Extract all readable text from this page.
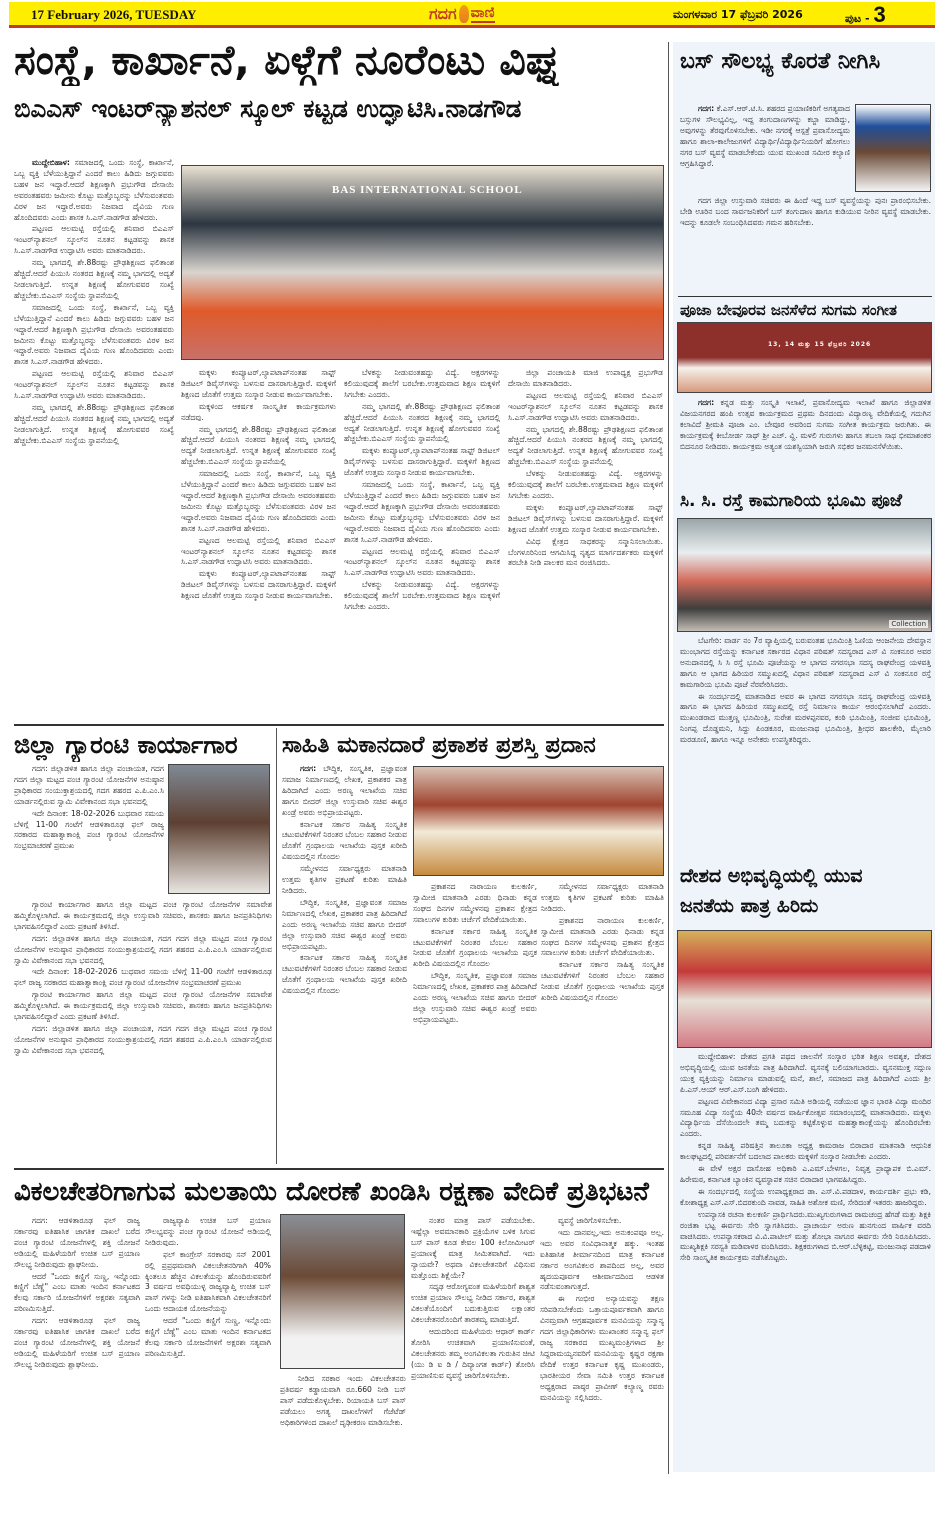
17 February 2026, TUESDAY	ಗದಗ ವಾಣಿ	ಮಂಗಳವಾರ 17 ಫೆಬ್ರವರಿ 2026	ಪುಟ - 3
ಸಂಸ್ಥೆ, ಕಾರ್ಖಾನೆ, ಏಳ್ಗೆಗೆ ನೂರೆಂಟು ವಿಘ್ನ
ಬಿಎಎಸ್ ಇಂಟರ್‌ನ್ಯಾಶನಲ್ ಸ್ಕೂಲ್ ಕಟ್ಟಡ ಉದ್ಘಾಟಿಸಿ.ನಾಡಗೌಡ

ಮುದ್ದೇಬಿಹಾಳ: ಸಮಾಜದಲ್ಲಿ ಒಂದು ಸಂಸ್ಥೆ, ಕಾರ್ಖಾನೆ, ಒಬ್ಬ ವ್ಯಕ್ತಿ ಬೆಳೆಯುತ್ತಿದ್ದಾನೆ ಎಂದರೆ ಕಾಲು ಹಿಡಿದು ಜಗ್ಗುವವರು ಬಹಳ ಜನ ಇದ್ದಾರೆ.ಆದರೆ ಶಿಕ್ಷಣಕ್ಕಾಗಿ ಪ್ರಭುಗೌಡ ದೇಸಾಯಿ ಅವರಂತಹವರು ಜಮೀನು ಕೊಟ್ಟು ಮತ್ತೊಬ್ಬರನ್ನು ಬೆಳೆಸುವಂತವರು ವಿರಳ ಜನ ಇದ್ದಾರೆ.ಅವರು ನಿಜವಾದ ದೈವಿಯ ಗುಣ ಹೊಂದಿದವರು ಎಂದು ಶಾಸಕ ಸಿ.ಎಸ್.ನಾಡಗೌಡ ಹೇಳಿದರು.

ಪಟ್ಟಣದ ಆಲಮಟ್ಟಿ ರಸ್ತೆಯಲ್ಲಿ ಶನಿವಾರ ಬಿಎಎಸ್ ಇಂಟರ್‌ನ್ಯಾಶನಲ್ ಸ್ಕೂಲ್‌ನ ನೂತನ ಕಟ್ಟಡವನ್ನು ಶಾಸಕ ಸಿ.ಎಸ್.ನಾಡಗೌಡ ಉದ್ಘಾಟಿಸಿ ಅವರು ಮಾತನಾಡಿದರು.

ನಮ್ಮ ಭಾಗದಲ್ಲಿ ಶೇ.88ರಷ್ಟು ಪ್ರೌಢಶಿಕ್ಷಣದ ಫಲಿತಾಂಶ ಹೆಚ್ಚಿದೆ.ಆದರೆ ಪಿಯುಸಿ ನಂತರದ ಶಿಕ್ಷಣಕ್ಕೆ ನಮ್ಮ ಭಾಗದಲ್ಲಿ ಅದ್ಯತೆ ನೀಡಲಾಗುತ್ತಿದೆ. ಉನ್ನತ ಶಿಕ್ಷಣಕ್ಕೆ ಹೋಗುವವರ ಸಂಖ್ಯೆ ಹೆಚ್ಚಬೇಕು.ಬಿಎಎಸ್ ಸಂಸ್ಥೆಯ ಸ್ಥಾಪನೆಯಲ್ಲಿ

ಸಮಾಜದಲ್ಲಿ ಒಂದು ಸಂಸ್ಥೆ, ಕಾರ್ಖಾನೆ, ಒಬ್ಬ ವ್ಯಕ್ತಿ ಬೆಳೆಯುತ್ತಿದ್ದಾನೆ ಎಂದರೆ ಕಾಲು ಹಿಡಿದು ಜಗ್ಗುವವರು ಬಹಳ ಜನ ಇದ್ದಾರೆ.ಆದರೆ ಶಿಕ್ಷಣಕ್ಕಾಗಿ ಪ್ರಭುಗೌಡ ದೇಸಾಯಿ ಅವರಂತಹವರು ಜಮೀನು ಕೊಟ್ಟು ಮತ್ತೊಬ್ಬರನ್ನು ಬೆಳೆಸುವಂತವರು ವಿರಳ ಜನ ಇದ್ದಾರೆ.ಅವರು ನಿಜವಾದ ದೈವಿಯ ಗುಣ ಹೊಂದಿದವರು ಎಂದು ಶಾಸಕ ಸಿ.ಎಸ್.ನಾಡಗೌಡ ಹೇಳಿದರು.

ಪಟ್ಟಣದ ಆಲಮಟ್ಟಿ ರಸ್ತೆಯಲ್ಲಿ ಶನಿವಾರ ಬಿಎಎಸ್ ಇಂಟರ್‌ನ್ಯಾಶನಲ್ ಸ್ಕೂಲ್‌ನ ನೂತನ ಕಟ್ಟಡವನ್ನು ಶಾಸಕ ಸಿ.ಎಸ್.ನಾಡಗೌಡ ಉದ್ಘಾಟಿಸಿ ಅವರು ಮಾತನಾಡಿದರು.

ನಮ್ಮ ಭಾಗದಲ್ಲಿ ಶೇ.88ರಷ್ಟು ಪ್ರೌಢಶಿಕ್ಷಣದ ಫಲಿತಾಂಶ ಹೆಚ್ಚಿದೆ.ಆದರೆ ಪಿಯುಸಿ ನಂತರದ ಶಿಕ್ಷಣಕ್ಕೆ ನಮ್ಮ ಭಾಗದಲ್ಲಿ ಅದ್ಯತೆ ನೀಡಲಾಗುತ್ತಿದೆ. ಉನ್ನತ ಶಿಕ್ಷಣಕ್ಕೆ ಹೋಗುವವರ ಸಂಖ್ಯೆ ಹೆಚ್ಚಬೇಕು.ಬಿಎಎಸ್ ಸಂಸ್ಥೆಯ ಸ್ಥಾಪನೆಯಲ್ಲಿ

BAS INTERNATIONAL SCHOOL

ಮಕ್ಕಳು ಕಂಪ್ಯೂಟರ್,ಲ್ಯಾಪಟಾಪ್‌ನಂತಹ ಸಾಫ್ಟ್ ಡಿಜಿಟಲ್ ಡಿವೈಸ್‌ಗಳನ್ನು ಬಳಸುವ ದಾಸರಾಗುತ್ತಿದ್ದಾರೆ. ಮಕ್ಕಳಿಗೆ ಶಿಕ್ಷಣದ ಜೊತೆಗೆ ಉತ್ತಮ ಸಂಸ್ಕಾರ ನೀಡುವ ಕಾರ್ಯವಾಗಬೇಕು.

ಮಕ್ಕಳಿಂದ ಆಕರ್ಷಕ ಸಾಂಸ್ಕೃತಿಕ ಕಾರ್ಯಕ್ರಮಗಳು ನಡೆದವು.

ನಮ್ಮ ಭಾಗದಲ್ಲಿ ಶೇ.88ರಷ್ಟು ಪ್ರೌಢಶಿಕ್ಷಣದ ಫಲಿತಾಂಶ ಹೆಚ್ಚಿದೆ.ಆದರೆ ಪಿಯುಸಿ ನಂತರದ ಶಿಕ್ಷಣಕ್ಕೆ ನಮ್ಮ ಭಾಗದಲ್ಲಿ ಅದ್ಯತೆ ನೀಡಲಾಗುತ್ತಿದೆ. ಉನ್ನತ ಶಿಕ್ಷಣಕ್ಕೆ ಹೋಗುವವರ ಸಂಖ್ಯೆ ಹೆಚ್ಚಬೇಕು.ಬಿಎಎಸ್ ಸಂಸ್ಥೆಯ ಸ್ಥಾಪನೆಯಲ್ಲಿ

ಸಮಾಜದಲ್ಲಿ ಒಂದು ಸಂಸ್ಥೆ, ಕಾರ್ಖಾನೆ, ಒಬ್ಬ ವ್ಯಕ್ತಿ ಬೆಳೆಯುತ್ತಿದ್ದಾನೆ ಎಂದರೆ ಕಾಲು ಹಿಡಿದು ಜಗ್ಗುವವರು ಬಹಳ ಜನ ಇದ್ದಾರೆ.ಆದರೆ ಶಿಕ್ಷಣಕ್ಕಾಗಿ ಪ್ರಭುಗೌಡ ದೇಸಾಯಿ ಅವರಂತಹವರು ಜಮೀನು ಕೊಟ್ಟು ಮತ್ತೊಬ್ಬರನ್ನು ಬೆಳೆಸುವಂತವರು ವಿರಳ ಜನ ಇದ್ದಾರೆ.ಅವರು ನಿಜವಾದ ದೈವಿಯ ಗುಣ ಹೊಂದಿದವರು ಎಂದು ಶಾಸಕ ಸಿ.ಎಸ್.ನಾಡಗೌಡ ಹೇಳಿದರು.

ಪಟ್ಟಣದ ಆಲಮಟ್ಟಿ ರಸ್ತೆಯಲ್ಲಿ ಶನಿವಾರ ಬಿಎಎಸ್ ಇಂಟರ್‌ನ್ಯಾಶನಲ್ ಸ್ಕೂಲ್‌ನ ನೂತನ ಕಟ್ಟಡವನ್ನು ಶಾಸಕ ಸಿ.ಎಸ್.ನಾಡಗೌಡ ಉದ್ಘಾಟಿಸಿ ಅವರು ಮಾತನಾಡಿದರು.

ಮಕ್ಕಳು ಕಂಪ್ಯೂಟರ್,ಲ್ಯಾಪಟಾಪ್‌ನಂತಹ ಸಾಫ್ಟ್ ಡಿಜಿಟಲ್ ಡಿವೈಸ್‌ಗಳನ್ನು ಬಳಸುವ ದಾಸರಾಗುತ್ತಿದ್ದಾರೆ. ಮಕ್ಕಳಿಗೆ ಶಿಕ್ಷಣದ ಜೊತೆಗೆ ಉತ್ತಮ ಸಂಸ್ಕಾರ ನೀಡುವ ಕಾರ್ಯವಾಗಬೇಕು.

ಬೆಳಕನ್ನು ನೀಡುವಂತಹದ್ದು ವಿದ್ಯೆ. ಅಕ್ಷರಗಳನ್ನು ಕಲಿಯುವುದಕ್ಕೆ ಶಾಲೆಗೆ ಬರಬೇಕು.ಉತ್ತಮವಾದ ಶಿಕ್ಷಣ ಮಕ್ಕಳಿಗೆ ಸಿಗಬೇಕು ಎಂದರು.

ನಮ್ಮ ಭಾಗದಲ್ಲಿ ಶೇ.88ರಷ್ಟು ಪ್ರೌಢಶಿಕ್ಷಣದ ಫಲಿತಾಂಶ ಹೆಚ್ಚಿದೆ.ಆದರೆ ಪಿಯುಸಿ ನಂತರದ ಶಿಕ್ಷಣಕ್ಕೆ ನಮ್ಮ ಭಾಗದಲ್ಲಿ ಅದ್ಯತೆ ನೀಡಲಾಗುತ್ತಿದೆ. ಉನ್ನತ ಶಿಕ್ಷಣಕ್ಕೆ ಹೋಗುವವರ ಸಂಖ್ಯೆ ಹೆಚ್ಚಬೇಕು.ಬಿಎಎಸ್ ಸಂಸ್ಥೆಯ ಸ್ಥಾಪನೆಯಲ್ಲಿ

ಮಕ್ಕಳು ಕಂಪ್ಯೂಟರ್,ಲ್ಯಾಪಟಾಪ್‌ನಂತಹ ಸಾಫ್ಟ್ ಡಿಜಿಟಲ್ ಡಿವೈಸ್‌ಗಳನ್ನು ಬಳಸುವ ದಾಸರಾಗುತ್ತಿದ್ದಾರೆ. ಮಕ್ಕಳಿಗೆ ಶಿಕ್ಷಣದ ಜೊತೆಗೆ ಉತ್ತಮ ಸಂಸ್ಕಾರ ನೀಡುವ ಕಾರ್ಯವಾಗಬೇಕು.

ಸಮಾಜದಲ್ಲಿ ಒಂದು ಸಂಸ್ಥೆ, ಕಾರ್ಖಾನೆ, ಒಬ್ಬ ವ್ಯಕ್ತಿ ಬೆಳೆಯುತ್ತಿದ್ದಾನೆ ಎಂದರೆ ಕಾಲು ಹಿಡಿದು ಜಗ್ಗುವವರು ಬಹಳ ಜನ ಇದ್ದಾರೆ.ಆದರೆ ಶಿಕ್ಷಣಕ್ಕಾಗಿ ಪ್ರಭುಗೌಡ ದೇಸಾಯಿ ಅವರಂತಹವರು ಜಮೀನು ಕೊಟ್ಟು ಮತ್ತೊಬ್ಬರನ್ನು ಬೆಳೆಸುವಂತವರು ವಿರಳ ಜನ ಇದ್ದಾರೆ.ಅವರು ನಿಜವಾದ ದೈವಿಯ ಗುಣ ಹೊಂದಿದವರು ಎಂದು ಶಾಸಕ ಸಿ.ಎಸ್.ನಾಡಗೌಡ ಹೇಳಿದರು.

ಪಟ್ಟಣದ ಆಲಮಟ್ಟಿ ರಸ್ತೆಯಲ್ಲಿ ಶನಿವಾರ ಬಿಎಎಸ್ ಇಂಟರ್‌ನ್ಯಾಶನಲ್ ಸ್ಕೂಲ್‌ನ ನೂತನ ಕಟ್ಟಡವನ್ನು ಶಾಸಕ ಸಿ.ಎಸ್.ನಾಡಗೌಡ ಉದ್ಘಾಟಿಸಿ ಅವರು ಮಾತನಾಡಿದರು.

ಬೆಳಕನ್ನು ನೀಡುವಂತಹದ್ದು ವಿದ್ಯೆ. ಅಕ್ಷರಗಳನ್ನು ಕಲಿಯುವುದಕ್ಕೆ ಶಾಲೆಗೆ ಬರಬೇಕು.ಉತ್ತಮವಾದ ಶಿಕ್ಷಣ ಮಕ್ಕಳಿಗೆ ಸಿಗಬೇಕು ಎಂದರು.

ಜಿಲ್ಲಾ ಪಂಚಾಯತಿ ಮಾಜಿ ಉಪಾಧ್ಯಕ್ಷ ಪ್ರಭುಗೌಡ ದೇಸಾಯಿ ಮಾತನಾಡಿದರು.

ಪಟ್ಟಣದ ಆಲಮಟ್ಟಿ ರಸ್ತೆಯಲ್ಲಿ ಶನಿವಾರ ಬಿಎಎಸ್ ಇಂಟರ್‌ನ್ಯಾಶನಲ್ ಸ್ಕೂಲ್‌ನ ನೂತನ ಕಟ್ಟಡವನ್ನು ಶಾಸಕ ಸಿ.ಎಸ್.ನಾಡಗೌಡ ಉದ್ಘಾಟಿಸಿ ಅವರು ಮಾತನಾಡಿದರು.

ನಮ್ಮ ಭಾಗದಲ್ಲಿ ಶೇ.88ರಷ್ಟು ಪ್ರೌಢಶಿಕ್ಷಣದ ಫಲಿತಾಂಶ ಹೆಚ್ಚಿದೆ.ಆದರೆ ಪಿಯುಸಿ ನಂತರದ ಶಿಕ್ಷಣಕ್ಕೆ ನಮ್ಮ ಭಾಗದಲ್ಲಿ ಅದ್ಯತೆ ನೀಡಲಾಗುತ್ತಿದೆ. ಉನ್ನತ ಶಿಕ್ಷಣಕ್ಕೆ ಹೋಗುವವರ ಸಂಖ್ಯೆ ಹೆಚ್ಚಬೇಕು.ಬಿಎಎಸ್ ಸಂಸ್ಥೆಯ ಸ್ಥಾಪನೆಯಲ್ಲಿ

ಬೆಳಕನ್ನು ನೀಡುವಂತಹದ್ದು ವಿದ್ಯೆ. ಅಕ್ಷರಗಳನ್ನು ಕಲಿಯುವುದಕ್ಕೆ ಶಾಲೆಗೆ ಬರಬೇಕು.ಉತ್ತಮವಾದ ಶಿಕ್ಷಣ ಮಕ್ಕಳಿಗೆ ಸಿಗಬೇಕು ಎಂದರು.

ಮಕ್ಕಳು ಕಂಪ್ಯೂಟರ್,ಲ್ಯಾಪಟಾಪ್‌ನಂತಹ ಸಾಫ್ಟ್ ಡಿಜಿಟಲ್ ಡಿವೈಸ್‌ಗಳನ್ನು ಬಳಸುವ ದಾಸರಾಗುತ್ತಿದ್ದಾರೆ. ಮಕ್ಕಳಿಗೆ ಶಿಕ್ಷಣದ ಜೊತೆಗೆ ಉತ್ತಮ ಸಂಸ್ಕಾರ ನೀಡುವ ಕಾರ್ಯವಾಗಬೇಕು.

ವಿವಿಧ ಕ್ಷೇತ್ರದ ಸಾಧಕರನ್ನು ಸನ್ಮಾನಿಸಲಾಯಿತು. ಬೆಂಗಳೂರಿನಿಂದ ಆಗಮಿಸಿದ್ದ ನೃತ್ಯದ ಮಾರ್ಗದರ್ಶಕರು ಮಕ್ಕಳಿಗೆ ತರಬೇತಿ ನೀಡಿ ಪಾಲಕರ ಮನ ರಂಜಿಸಿದರು.

ಜಿಲ್ಲಾ ಗ್ಯಾರಂಟಿ ಕಾರ್ಯಾಗಾರ

ಗದಗ: ಜಿಲ್ಲಾಡಳಿತ ಹಾಗೂ ಜಿಲ್ಲಾ ಪಂಚಾಯತ, ಗದಗ ಗದಗ ಜಿಲ್ಲಾ ಮಟ್ಟದ ಪಂಚ ಗ್ಯಾರಂಟಿ ಯೋಜನೆಗಳ ಅನುಷ್ಠಾನ ಪ್ರಾಧಿಕಾರದ ಸಂಯುಕ್ತಾಶ್ರಯದಲ್ಲಿ ಗದಗ ಶಹರದ ಎ.ಪಿ.ಎಂ.ಸಿ ಯಾರ್ಡನಲ್ಲಿರುವ ಸ್ವಾಮಿ ವಿವೇಕಾನಂದ ಸಭಾ ಭವನದಲ್ಲಿ

ಇದೇ ದಿನಾಂಕ: 18-02-2026 ಬುಧವಾರ ಸಮಯ ಬೆಳಿಗ್ಗೆ 11-00 ಗಂಟೆಗೆ ಆಡಳಿತಾರೂಢ ಫಲ್ ರಾಜ್ಯ ಸರಕಾರದ ಮಹಾತ್ವಾಕಾಂಕ್ಷಿ ಪಂಚ ಗ್ಯಾರಂಟಿ ಯೋಜನೆಗಳ ಸಂಭ್ರಮಾಚರಣೆ ಪ್ರಮುಖ

ಗ್ಯಾರಂಟಿ ಕಾರ್ಯಾಗಾರ ಹಾಗೂ ಜಿಲ್ಲಾ ಮಟ್ಟದ ಪಂಚ ಗ್ಯಾರಂಟಿ ಯೋಜನೆಗಳ ಸಮಾವೇಶ ಹಮ್ಮಿಕೊಳ್ಳಲಾಗಿದೆ. ಈ ಕಾರ್ಯಕ್ರಮದಲ್ಲಿ ಜಿಲ್ಲಾ ಉಸ್ತುವಾರಿ ಸಚಿವರು, ಶಾಸಕರು ಹಾಗೂ ಜನಪ್ರತಿನಿಧಿಗಳು ಭಾಗವಹಿಸಲಿದ್ದಾರೆ ಎಂದು ಪ್ರಕಟಣೆ ತಿಳಿಸಿದೆ.

ಗದಗ: ಜಿಲ್ಲಾಡಳಿತ ಹಾಗೂ ಜಿಲ್ಲಾ ಪಂಚಾಯತ, ಗದಗ ಗದಗ ಜಿಲ್ಲಾ ಮಟ್ಟದ ಪಂಚ ಗ್ಯಾರಂಟಿ ಯೋಜನೆಗಳ ಅನುಷ್ಠಾನ ಪ್ರಾಧಿಕಾರದ ಸಂಯುಕ್ತಾಶ್ರಯದಲ್ಲಿ ಗದಗ ಶಹರದ ಎ.ಪಿ.ಎಂ.ಸಿ ಯಾರ್ಡನಲ್ಲಿರುವ ಸ್ವಾಮಿ ವಿವೇಕಾನಂದ ಸಭಾ ಭವನದಲ್ಲಿ

ಇದೇ ದಿನಾಂಕ: 18-02-2026 ಬುಧವಾರ ಸಮಯ ಬೆಳಿಗ್ಗೆ 11-00 ಗಂಟೆಗೆ ಆಡಳಿತಾರೂಢ ಫಲ್ ರಾಜ್ಯ ಸರಕಾರದ ಮಹಾತ್ವಾಕಾಂಕ್ಷಿ ಪಂಚ ಗ್ಯಾರಂಟಿ ಯೋಜನೆಗಳ ಸಂಭ್ರಮಾಚರಣೆ ಪ್ರಮುಖ

ಗ್ಯಾರಂಟಿ ಕಾರ್ಯಾಗಾರ ಹಾಗೂ ಜಿಲ್ಲಾ ಮಟ್ಟದ ಪಂಚ ಗ್ಯಾರಂಟಿ ಯೋಜನೆಗಳ ಸಮಾವೇಶ ಹಮ್ಮಿಕೊಳ್ಳಲಾಗಿದೆ. ಈ ಕಾರ್ಯಕ್ರಮದಲ್ಲಿ ಜಿಲ್ಲಾ ಉಸ್ತುವಾರಿ ಸಚಿವರು, ಶಾಸಕರು ಹಾಗೂ ಜನಪ್ರತಿನಿಧಿಗಳು ಭಾಗವಹಿಸಲಿದ್ದಾರೆ ಎಂದು ಪ್ರಕಟಣೆ ತಿಳಿಸಿದೆ.

ಗದಗ: ಜಿಲ್ಲಾಡಳಿತ ಹಾಗೂ ಜಿಲ್ಲಾ ಪಂಚಾಯತ, ಗದಗ ಗದಗ ಜಿಲ್ಲಾ ಮಟ್ಟದ ಪಂಚ ಗ್ಯಾರಂಟಿ ಯೋಜನೆಗಳ ಅನುಷ್ಠಾನ ಪ್ರಾಧಿಕಾರದ ಸಂಯುಕ್ತಾಶ್ರಯದಲ್ಲಿ ಗದಗ ಶಹರದ ಎ.ಪಿ.ಎಂ.ಸಿ ಯಾರ್ಡನಲ್ಲಿರುವ ಸ್ವಾಮಿ ವಿವೇಕಾನಂದ ಸಭಾ ಭವನದಲ್ಲಿ

ಸಾಹಿತಿ ಮಕಾನದಾರೆ ಪ್ರಕಾಶಕ ಪ್ರಶಸ್ತಿ ಪ್ರದಾನ

ಗದಗ: ಬೌದ್ಧಿಕ, ಸಂಸ್ಕೃತಿಕ, ಪ್ರಜ್ಞಾವಂತ ಸಮಾಜ ನಿರ್ಮಾಣದಲ್ಲಿ ಲೇಖಕ, ಪ್ರಕಾಶಕರ ಪಾತ್ರ ಹಿರಿದಾಗಿದೆ ಎಂದು ಅರಣ್ಯ ಇಲಾಖೆಯ ಸಚಿವ ಹಾಗೂ ಬೀದರ್ ಜಿಲ್ಲಾ ಉಸ್ತುವಾರಿ ಸಚಿವ ಈಶ್ವರ ಖಂಡ್ರೆ ಅವರು ಅಭಿಪ್ರಾಯಪಟ್ಟರು.

ಕರ್ನಾಟಕ ಸರ್ಕಾರ ಸಾಹಿತ್ಯ ಸಂಸ್ಕೃತಿಕ ಚಟುವಟಿಕೆಗಳಿಗೆ ನಿರಂತರ ಬೆಂಬಲ ಸಹಕಾರ ನೀಡುವ ಜೊತೆಗೆ ಗ್ರಂಥಾಲಯ ಇಲಾಖೆಯ ಪುಸ್ತಕ ಖರೀದಿ ವಿಷಯದಲ್ಲಿನ ಗೊಂದಲ

ಸಮ್ಮೇಳನದ ಸರ್ವಾಧ್ಯಕ್ಷರು ಮಾತನಾಡಿ ಉತ್ತಮ ಕೃತಿಗಳ ಪ್ರಕಟಣೆ ಕುರಿತು ಮಾಹಿತಿ ನೀಡಿದರು.

ಬೌದ್ಧಿಕ, ಸಂಸ್ಕೃತಿಕ, ಪ್ರಜ್ಞಾವಂತ ಸಮಾಜ ನಿರ್ಮಾಣದಲ್ಲಿ ಲೇಖಕ, ಪ್ರಕಾಶಕರ ಪಾತ್ರ ಹಿರಿದಾಗಿದೆ ಎಂದು ಅರಣ್ಯ ಇಲಾಖೆಯ ಸಚಿವ ಹಾಗೂ ಬೀದರ್ ಜಿಲ್ಲಾ ಉಸ್ತುವಾರಿ ಸಚಿವ ಈಶ್ವರ ಖಂಡ್ರೆ ಅವರು ಅಭಿಪ್ರಾಯಪಟ್ಟರು.

ಕರ್ನಾಟಕ ಸರ್ಕಾರ ಸಾಹಿತ್ಯ ಸಂಸ್ಕೃತಿಕ ಚಟುವಟಿಕೆಗಳಿಗೆ ನಿರಂತರ ಬೆಂಬಲ ಸಹಕಾರ ನೀಡುವ ಜೊತೆಗೆ ಗ್ರಂಥಾಲಯ ಇಲಾಖೆಯ ಪುಸ್ತಕ ಖರೀದಿ ವಿಷಯದಲ್ಲಿನ ಗೊಂದಲ

ಪ್ರಕಾಶನದ ನಾರಾಯಣ ಕುಲಕರ್ಣಿ, ಸ್ವಾಮೀಜಿ ಮಾತನಾಡಿ ಎರಡು ಧಿನಾಡು ಕನ್ನಡ ಸಂಘದ ದಿನಗಳ ಸಮ್ಮೇಳನವು ಪ್ರಕಾಶನ ಕ್ಷೇತ್ರದ ಸವಾಲುಗಳ ಕುರಿತು ಚರ್ಚೆಗೆ ವೇದಿಕೆಯಾಯಿತು.

ಕರ್ನಾಟಕ ಸರ್ಕಾರ ಸಾಹಿತ್ಯ ಸಂಸ್ಕೃತಿಕ ಚಟುವಟಿಕೆಗಳಿಗೆ ನಿರಂತರ ಬೆಂಬಲ ಸಹಕಾರ ನೀಡುವ ಜೊತೆಗೆ ಗ್ರಂಥಾಲಯ ಇಲಾಖೆಯ ಪುಸ್ತಕ ಖರೀದಿ ವಿಷಯದಲ್ಲಿನ ಗೊಂದಲ

ಬೌದ್ಧಿಕ, ಸಂಸ್ಕೃತಿಕ, ಪ್ರಜ್ಞಾವಂತ ಸಮಾಜ ನಿರ್ಮಾಣದಲ್ಲಿ ಲೇಖಕ, ಪ್ರಕಾಶಕರ ಪಾತ್ರ ಹಿರಿದಾಗಿದೆ ಎಂದು ಅರಣ್ಯ ಇಲಾಖೆಯ ಸಚಿವ ಹಾಗೂ ಬೀದರ್ ಜಿಲ್ಲಾ ಉಸ್ತುವಾರಿ ಸಚಿವ ಈಶ್ವರ ಖಂಡ್ರೆ ಅವರು ಅಭಿಪ್ರಾಯಪಟ್ಟರು.

ಸಮ್ಮೇಳನದ ಸರ್ವಾಧ್ಯಕ್ಷರು ಮಾತನಾಡಿ ಉತ್ತಮ ಕೃತಿಗಳ ಪ್ರಕಟಣೆ ಕುರಿತು ಮಾಹಿತಿ ನೀಡಿದರು.

ಪ್ರಕಾಶನದ ನಾರಾಯಣ ಕುಲಕರ್ಣಿ, ಸ್ವಾಮೀಜಿ ಮಾತನಾಡಿ ಎರಡು ಧಿನಾಡು ಕನ್ನಡ ಸಂಘದ ದಿನಗಳ ಸಮ್ಮೇಳನವು ಪ್ರಕಾಶನ ಕ್ಷೇತ್ರದ ಸವಾಲುಗಳ ಕುರಿತು ಚರ್ಚೆಗೆ ವೇದಿಕೆಯಾಯಿತು.

ಕರ್ನಾಟಕ ಸರ್ಕಾರ ಸಾಹಿತ್ಯ ಸಂಸ್ಕೃತಿಕ ಚಟುವಟಿಕೆಗಳಿಗೆ ನಿರಂತರ ಬೆಂಬಲ ಸಹಕಾರ ನೀಡುವ ಜೊತೆಗೆ ಗ್ರಂಥಾಲಯ ಇಲಾಖೆಯ ಪುಸ್ತಕ ಖರೀದಿ ವಿಷಯದಲ್ಲಿನ ಗೊಂದಲ

ವಿಕಲಚೇತರಿಗಾಗುವ ಮಲತಾಯಿ ದೋರಣೆ ಖಂಡಿಸಿ ರಕ್ಷಣಾ ವೇದಿಕೆ ಪ್ರತಿಭಟನೆ

ಗದಗ: ಆಡಳಿತಾರೂಢ ಫಲ್ ರಾಜ್ಯ ಸರ್ಕಾರವು ಐತಿಹಾಸಿಕ ಜಾಗತಿಕ ದಾಖಲೆ ಬರೆದ ಪಂಚ ಗ್ಯಾರಂಟಿ ಯೋಜನೆಗಳಲ್ಲಿ ಶಕ್ತಿ ಯೋಜನೆ ಅಡಿಯಲ್ಲಿ ಮಹಿಳೆಯರಿಗೆ ಉಚಿತ ಬಸ್ ಪ್ರಯಾಣ ಸೌಲಭ್ಯ ನೀಡಿರುವುದು ಶ್ಲಾಘನೀಯ.

ಆದರೆ "ಒಂದು ಕಣ್ಣಿಗೆ ಸುಣ್ಣ, ಇನ್ನೊಂದು ಕಣ್ಣಿಗೆ ಬೆಣ್ಣೆ" ಎಂಬ ಮಾತು ಇಂದಿನ ಕರ್ನಾಟಕದ ಕೆಲವು ಸರ್ಕಾರಿ ಯೋಜನೆಗಳಿಗೆ ಅಕ್ಷರಶಃ ಸತ್ಯವಾಗಿ ಪರಿಣಮಿಸುತ್ತಿದೆ.

ಗದಗ: ಆಡಳಿತಾರೂಢ ಫಲ್ ರಾಜ್ಯ ಸರ್ಕಾರವು ಐತಿಹಾಸಿಕ ಜಾಗತಿಕ ದಾಖಲೆ ಬರೆದ ಪಂಚ ಗ್ಯಾರಂಟಿ ಯೋಜನೆಗಳಲ್ಲಿ ಶಕ್ತಿ ಯೋಜನೆ ಅಡಿಯಲ್ಲಿ ಮಹಿಳೆಯರಿಗೆ ಉಚಿತ ಬಸ್ ಪ್ರಯಾಣ ಸೌಲಭ್ಯ ನೀಡಿರುವುದು ಶ್ಲಾಘನೀಯ.

ರಾಜ್ಯವ್ಯಾಪಿ ಉಚಿತ ಬಸ್ ಪ್ರಯಾಣ ಸೌಲಭ್ಯವನ್ನು ಪಂಚ ಗ್ಯಾರಂಟಿ ಯೋಜನೆ ಅಡಿಯಲ್ಲಿ ನೀಡಿರುವುದು.

ಫಲ್ ಕಾಂಗ್ರೇಸ್ ಸರಕಾರವು ಸನ್ 2001 ರಲ್ಲಿ ಪ್ರಪ್ರಥಮವಾಗಿ ವಿಕಲಚೇತನರಿಗಾಗಿ 40% ಕ್ಕಿಂತಲೂ ಹೆಚ್ಚಿನ ವಿಕಲತೆಯನ್ನು ಹೊಂದಿರುವವರಿಗೆ 3 ವರ್ಷದ ಅವಧಿಯುಳ್ಳ ರಾಜ್ಯವ್ಯಾಪ್ತಿ ಉಚಿತ ಬಸ್ ಪಾಸ್ ಗಳನ್ನು ನೀಡಿ ಐತಿಹಾಸಿಕವಾಗಿ ವಿಕಲಚೇತನರಿಗೆ ಒಂದು ಆದಾಯಕ ಯೋಜನೆಯನ್ನು

ಆದರೆ "ಒಂದು ಕಣ್ಣಿಗೆ ಸುಣ್ಣ, ಇನ್ನೊಂದು ಕಣ್ಣಿಗೆ ಬೆಣ್ಣೆ" ಎಂಬ ಮಾತು ಇಂದಿನ ಕರ್ನಾಟಕದ ಕೆಲವು ಸರ್ಕಾರಿ ಯೋಜನೆಗಳಿಗೆ ಅಕ್ಷರಶಃ ಸತ್ಯವಾಗಿ ಪರಿಣಮಿಸುತ್ತಿದೆ.

ನೀಡಿದ ಸರಕಾರ ಇಂದು ವಿಕಲಚೇತನರು ಪ್ರತಿವರ್ಷ ಕಡ್ಡಾಯವಾಗಿ ರೂ.660 ನೀಡಿ ಬಸ್ ಪಾಸ್ ಪಡೆದುಕೊಳ್ಳಬೇಕು. ರಿಯಾಯತಿ ಬಸ್ ಪಾಸ್ ಪಡೆಯಲು ಅಗತ್ಯ ದಾಖಲೆಗಳಿಗೆ ಗೆಜೆಟೆಡ್ ಅಧಿಕಾರಿಗಳಿಂದ ದಾಖಲೆ ದೃಢೀಕರಣ ಮಾಡಿಸಬೇಕು.

ನಂತರ ಮಾತ್ರ ಪಾಸ್ ಪಡೆಯಬೇಕು. ಇಷ್ಟೆಲ್ಲಾ ಅವಮಾನಕಾರಿ ಪ್ರಕ್ರಿಯೆಗಳ ಬಳಿಕ ಸಿಗುವ ಬಸ್ ಪಾಸ್ ಕೂಡ ಕೇವಲ 100 ಕಿಲೋಮೀಟರ್ ಪ್ರಯಾಣಕ್ಕೆ ಮಾತ್ರ ಸೀಮಿತವಾಗಿದೆ. ಇದು ನ್ಯಾಯವೇ? ಅಥವಾ ವಿಕಲಚೇತನರಿಗೆ ವಿಧಿಸುವ ಮತ್ತೊಂದು ಶಿಕ್ಷೆಯೇ?

ಸದೃಢ ಆರೋಗ್ಯವಂತ ಮಹಿಳೆಯರಿಗೆ ಶಾಶ್ವತ ಉಚಿತ ಪ್ರಯಾಣ ಸೌಲಭ್ಯ ನೀಡಿದ ಸರ್ಕಾರ, ಶಾಶ್ವತ ವಿಕಲತೆಯೊಂದಿಗೆ ಬದುಕುತ್ತಿರುವ ಲಕ್ಷಾಂತರ ವಿಕಲಚೇತನರೊಂದಿಗೆ ತಾರತಮ್ಯ ಮಾಡುತ್ತಿದೆ.

ಆದುದರಿಂದ ಮಹಿಳೆಯರು ಆಧಾರ್ ಕಾರ್ಡ್ ತೋರಿಸಿ ಉಚಿತವಾಗಿ ಪ್ರಯಾಣಿಸುವಂತೆ, ವಿಕಲಚೇತನರು ತಮ್ಮ ಅಂಗವಿಕಲತಾ ಗುರುತಿನ ಚೀಟಿ (ಯು ಡಿ ಐ ಡಿ / ದಿವ್ಯಾಂಗತ ಕಾರ್ಡ್) ತೋರಿಸಿ ಪ್ರಯಾಣಿಸುವ ವ್ಯವಸ್ಥೆ ಜಾರಿಗೊಳಿಸಬೇಕು.

ವ್ಯವಸ್ಥೆ ಜಾರಿಗೊಳಿಸಬೇಕು.

ಇದು ದಾನವಲ್ಲ,ಇದು ಅನುಕಂಪವೂ ಅಲ್ಲ. ಇದು ಅವರ ಸಂವಿಧಾನಾತ್ಮಕ ಹಕ್ಕು. ಇಂತಹ ಐತಿಹಾಸಿಕ ತೀರ್ಮಾನದಿಂದ ಮಾತ್ರ ಕರ್ನಾಟಕ ಸರ್ಕಾರ ಅಂಗವಿಕಲರ ಶಾಪದಿಂದ ಅಲ್ಲ, ಅವರ ಹೃದಯಪೂರ್ವಕ ಆಶೀರ್ವಾದದಿಂದ ಆಡಳಿತ ನಡೆಸುವಂತಾಗುತ್ತದೆ.

ಈ ಗಂಭೀರ ಅನ್ಯಾಯವನ್ನು ತಕ್ಷಣ ಸರಿಪಡಿಸಬೇಕೆಂದು ಒತ್ತಾಯಪೂರ್ವಕವಾಗಿ ಹಾಗೂ ವಿನಮ್ರವಾಗಿ ಆಗ್ರಹಪೂರ್ವಕ ಮನವಿಯನ್ನು ಸನ್ಮಾನ್ಯ ಗದಗ ಜಿಲ್ಲಾಧಿಕಾರಿಗಳು ಮುಖಾಂತರ ಸನ್ಮಾನ್ಯ ಫಲ್ ರಾಜ್ಯ ಸರಕಾರದ ಮುಖ್ಯಮಂತ್ರಿಗಳಾದ ಶ್ರೀ ಸಿದ್ದರಾಮಯ್ಯನವರಿಗೆ ಮನವಿಯನ್ನು ಕೃಷ್ಣರ ರಕ್ಷಣಾ ವೇದಿಕೆ ಉತ್ತರ ಕರ್ನಾಟಕ ಕೃಷ್ಣ ಮುಖಂಡರು, ಭಾರತೀಯರ ಸೇವಾ ಸಮಿತಿ ಉತ್ತರ ಕರ್ನಾಟಕ ಅಧ್ಯಕ್ಷರಾದ ಪಾಷ್ಠರ ಪ್ರಾವೀಣ್ ಕಲ್ಯಾಣ್ಮ ರವರು ಮನವಿಯನ್ನು ಸಲ್ಲಿಸಿದರು.

ಬಸ್ ಸೌಲಭ್ಯ ಕೊರತೆ ನೀಗಿಸಿ

ಗದಗ: ಕೆ.ಎಸ್.ಆರ್.ಟಿ.ಸಿ. ಶಹರದ ಪ್ರಯಾಣಿಕರಿಗೆ ಅಗತ್ಯವಾದ ಬಸ್ಸುಗಳ ಸೌಲಭ್ಯವಿಲ್ಲ, ಇದ್ದ ತಂಗುದಾಣಗಳನ್ನು ಕಬ್ಜಾ ಮಾಡಿದ್ದು, ಅವುಗಳನ್ನು ತೆರವುಗೊಳಿಸಬೇಕು. ಇಡೀ ನಗರಕ್ಕೆ ಆಸ್ಪತ್ರೆ ಪ್ರವಾಸೋದ್ಯಮ ಹಾಗೂ ಶಾಲಾ-ಕಾಲೇಜುಗಳಿಗೆ ವಿದ್ಯಾರ್ಥಿ/ವಿದ್ಯಾರ್ಥಿನಿಯರಿಗೆ ಹೋಗಲು ನಗರ ಬಸ್ ವ್ಯವಸ್ಥೆ ಮಾಡಬೇಕೆಂದು ಯುವ ಮುಖಂಡ ಸಮೀರ ಕಲ್ಯಾಣಿ ಆಗ್ರಹಿಸಿದ್ದಾರೆ.

ಗದಗ ಜಿಲ್ಲಾ ಉಸ್ತುವಾರಿ ಸಚಿವರು ಈ ಹಿಂದೆ ಇದ್ದ ಬಸ್ ವ್ಯವಸ್ಥೆಯನ್ನು ಪುನಃ ಪ್ರಾರಂಭಿಸಬೇಕು. ಬೇಡಿ ಊರಿನ ಬಂದ ಸಾರ್ವಜನಿಕರಿಗೆ ಬಸ್ ತಂಗುದಾಣ ಹಾಗೂ ಕುಡಿಯುವ ನೀರಿನ ವ್ಯವಸ್ಥೆ ಮಾಡಬೇಕು. ಇದನ್ನು ಕೂಡಲೇ ಸಂಬಂಧಿಸಿದವರು ಗಮನ ಹರಿಸಬೇಕು.

ಪೂಜಾ ಬೇವೂರವ ಜನಸೆಳೆದ ಸುಗಮ ಸಂಗೀತ
13, 14 ಮತ್ತು 15 ಫೆಬ್ರವರಿ 2026

ಗದಗ: ಕನ್ನಡ ಮತ್ತು ಸಂಸ್ಕೃತಿ ಇಲಾಖೆ, ಪ್ರವಾಸೋದ್ಯಮ ಇಲಾಖೆ ಹಾಗೂ ಜಿಲ್ಲಾಡಳಿತ ವಿಜಯನಗರದ ಹಂಪಿ ಉತ್ಸವ ಕಾರ್ಯಕ್ರಮದ ಪ್ರಥಮ ದಿನದಂದು ವಿದ್ಯಾರಣ್ಯ ವೇದಿಕೆಯಲ್ಲಿ ಗದುಗಿನ ಕಲಾವಿದೆ ಶ್ರೀಮತಿ ಪೂಜಾ ಎಂ. ಬೇವೂರ ಅವರಿಂದ ಸುಗಮ ಸಂಗೀತ ಕಾರ್ಯಕ್ರಮ ಜರುಗಿತು. ಈ ಕಾರ್ಯಕ್ರಮಕ್ಕೆ ಕೀಬೋರ್ಡ ಸಾಥ್ ಶ್ರೀ ಎಚ್. ವ್ಹಿ. ಮಳಲಿ ಗುರುಗಳು ಹಾಗೂ ತಬಲಾ ಸಾಥ ಭೀಮಾಶಂಕರ ಬಿದನೂರ ನೀಡಿದರು. ಕಾರ್ಯಕ್ರಮ ಅತ್ಯಂತ ಯಶಸ್ವಿಯಾಗಿ ಜರುಗಿ ಸಭಿಕರ ಜನಮನಸೆಳೆಯಿತು.

ಸಿ. ಸಿ. ರಸ್ತೆ ಕಾಮಗಾರಿಯ ಭೂಮಿ ಪೂಜೆ
Collection

ಬೆಟಗೇರಿ: ವಾರ್ಡ ನಂ 7ರ ವ್ಯಾಪ್ತಿಯಲ್ಲಿ ಬರುವಂತಹ ಭೂಮಿಂತ್ರಿ ಓಣಿಯ ಆಂಜನೇಯ ದೇವಸ್ಥಾನ ಮುಂಭಾಗದ ರಸ್ತೆಯನ್ನು ಕರ್ನಾಟಕ ಸರ್ಕಾರದ ವಿಧಾನ ಪರಿಷತ್ ಸದಸ್ಯರಾದ ಎಸ್ ವಿ ಸಂಕನೂರ ಅವರ ಅನುದಾನದಲ್ಲಿ ಸಿ ಸಿ ರಸ್ತೆ ಭೂಮಿ ಪೂಜೆಯನ್ನು ಆ ಭಾಗದ ನಗರಸಭಾ ಸದಸ್ಯ ರಾಘವೇಂದ್ರ ಯಳವತ್ತಿ ಹಾಗೂ ಆ ಭಾಗದ ಹಿರಿಯರ ಸಮ್ಮುಖದಲ್ಲಿ ವಿಧಾನ ಪರಿಷತ್ ಸದಸ್ಯರಾದ ಎಸ್ ವಿ ಸಂಕನೂರ ರಸ್ತೆ ಕಾಮಗಾರಿಯ ಭೂಮಿ ಪೂಜೆ ನೆರವೇರಿಸಿದರು.

ಈ ಸಂದರ್ಭದಲ್ಲಿ ಮಾತನಾಡಿದ ಅವರ ಈ ಭಾಗದ ನಗರಸಭಾ ಸದಸ್ಯ ರಾಘವೇಂದ್ರ ಯಳವತ್ತಿ ಹಾಗೂ ಈ ಭಾಗದ ಹಿರಿಯರ ಸಮ್ಮುಖದಲ್ಲಿ ರಸ್ತೆ ನಿರ್ಮಾಣ ಕಾರ್ಯ ಆರಂಭಿಸಲಾಗಿದೆ ಎಂದರು. ಮುಖಂಡರಾದ ಮುತ್ತಣ್ಣ ಭೂಮಿಂತ್ರಿ, ಸುರೇಶ ಮರಳಪ್ಪನವರ, ಕಂಠಿ ಭೂಮಿಂತ್ರಿ, ಸಂಜೀವ ಭೂಮಿಂತ್ರಿ, ನಿಂಗಪ್ಪ ದೊಡ್ಡಮನಿ, ಸಿದ್ದು ಪಿಂಡಕೂರ, ಮಂಜುನಾಥ ಭೂಮಿಂತ್ರಿ, ಶ್ರೀಧರ ಹಾಲಕೇರಿ, ಮೈಲಾರಿ ಮರಡೂಣಿ, ಹಾಗೂ ಇನ್ನೂ ಅನೇಕರು ಉಪಸ್ಥಿತರಿದ್ದರು.

ದೇಶದ ಅಭಿವೃದ್ಧಿಯಲ್ಲಿ ಯುವ
ಜನತೆಯ ಪಾತ್ರ ಹಿರಿದು

ಮುದ್ದೇಬಿಹಾಳ: ದೇಶದ ಪ್ರಗತಿ ಪಥದ ಚಾಲನೆಗೆ ಸಂಸ್ಕಾರ ಭರಿತ ಶಿಕ್ಷಣ ಅವಶ್ಯಕ, ದೇಶದ ಅಭಿವೃದ್ಧಿಯಲ್ಲಿ ಯುವ ಜನತೆಯ ಪಾತ್ರ ಹಿರಿದಾಗಿದೆ. ವ್ಯಸನಕ್ಕೆ ಬಲಿಯಾಗಬಾರದು. ವ್ಯಸನಮುಕ್ತ ಸದ್ಗುಣ ಯುಕ್ತ ವ್ಯಕ್ತಿಯನ್ನು ನಿರ್ಮಾಣ ಮಾಡುವಲ್ಲಿ ಮನೆ, ಶಾಲೆ, ಸಮಾಜದ ಪಾತ್ರ ಹಿರಿದಾಗಿದೆ ಎಂದು ಶ್ರೀ ಪಿ.ಎಸ್.ಆಯ್ ಆರ್.ಎಸ್.ಬಂಗಿ ಹೇಳಿದರು.

ಪಟ್ಟಣದ ವಿವೇಕಾನಂದ ವಿದ್ಯಾ ಪ್ರಸಾರ ಸಮಿತಿ ಅಡಿಯಲ್ಲಿ ನಡೆಯುವ ಜ್ಞಾನ ಭಾರತಿ ವಿದ್ಯಾ ಮಂದಿರ ಸಮೂಹ ವಿದ್ಯಾ ಸಂಸ್ಥೆಯ 40ನೇ ವರ್ಷದ ವಾರ್ಷಿಕೋತ್ಸವ ಸಮಾರಂಭದಲ್ಲಿ ಮಾತನಾಡಿದರು. ಮಕ್ಕಳು ವಿದ್ಯಾರ್ಥಿಯ ದೆಸೆಯಿಂದಲೇ ತಮ್ಮ ಬದುಕನ್ನು ಕಟ್ಟಿಕೊಳ್ಳುವ ಮಹತ್ವಾಕಾಂಕ್ಷೆಯನ್ನು ಹೊಂದಿರಬೇಕು ಎಂದರು.

ಕನ್ನಡ ಸಾಹಿತ್ಯ ಪರಿಷತ್ತಿನ ತಾಲೂಕಾ ಅಧ್ಯಕ್ಷ ಕಾಮರಾಜ ಬಿರಾದಾರ ಮಾತನಾಡಿ ಆಧುನಿಕ ಕಾಲಘಟ್ಟದಲ್ಲಿ ಪರಿವರ್ತನೆಗೆ ಬದಲಾದ ಪಾಲಕರು ಮಕ್ಕಳಿಗೆ ಸಂಸ್ಕಾರ ನೀಡಬೇಕು ಎಂದರು.

ಈ ವೇಳೆ ಅಕ್ಷರ ದಾಸೋಹ ಅಧಿಕಾರಿ ಎ.ಎಮ್.ಬೇಳಗಲ, ನಿವೃತ್ತ ಪ್ರಾಧ್ಯಾಪಕ ಬಿ.ಎಮ್. ಹಿರೇಮಠ, ಕರ್ನಾಟಕ ಬ್ಯಾಂಕಿನ ವ್ಯವಸ್ಥಾಪಕ ಸಚಿನ ಬಿರಾದಾರ ಭಾಗವಹಿಸಿದ್ದರು.

ಈ ಸಂದರ್ಭದಲ್ಲಿ ಸಂಸ್ಥೆಯ ಉಪಾಧ್ಯಕ್ಷರಾದ ಡಾ. ಎಸ್.ವಿ.ಪಡದಾಳ, ಕಾರ್ಯದರ್ಶಿ ಪ್ರಭು ಕಡಿ, ಕೋಶಾಧ್ಯಕ್ಷ ಎಸ್.ಎಸ್.ಬಿದರಕುಂದಿ ನಾವಡ, ಸಾಹಿತಿ ಅಶೋಕ ಮಣಿ, ಸೇರಿದಂತೆ ಇತರರು ಹಾಜರಿದ್ದರು.

ಉಪನ್ಯಾಸಕಿ ರಚನಾ ಕುಲಕರ್ಣಿ ಪ್ರಾರ್ಥಿಸಿದರು.ಮುಖ್ಯಗುರುಗಳಾದ ರಾಮಚಂದ್ರ ಹೆಗಡೆ ಮತ್ತು ಶಿಕ್ಷಕಿ ರಂಜಿತಾ ಭಟ್ಟ ಈರ್ವರು ಸೇರಿ ಸ್ವಾಗತಿಸಿದರು. ಪ್ರಾಚಾರ್ಯ ಅರುಣ ಹುನಗುಂದ ವಾರ್ಷಿಕ ವರದಿ ವಾಚಿಸಿದರು. ಉಪನ್ಯಾಸಕರಾದ ವಿ.ವಿ.ಪಾಟೀಲ್ ಮತ್ತು ಶೋಭಾ ನಾಗೂರ ಈರ್ವರು ಸೇರಿ ನಿರೂಪಿಸಿದರು. ಮುಖ್ಯಶಿಕ್ಷಕಿ ಸರಸ್ವತಿ ಮಡಿವಾಳರ ವಂದಿಸಿದರು. ಶಿಕ್ಷಕರುಗಳಾದ ಬಿ.ಆರ್.ಬೆಳ್ಳಿಕಟ್ಟಿ, ಮಂಜುನಾಥ ಪಡದಾಳಿ ಸೇರಿ ಸಾಂಸ್ಕೃತಿಕ ಕಾರ್ಯಕ್ರಮ ನಡೆಸಿಕೊಟ್ಟರು.
